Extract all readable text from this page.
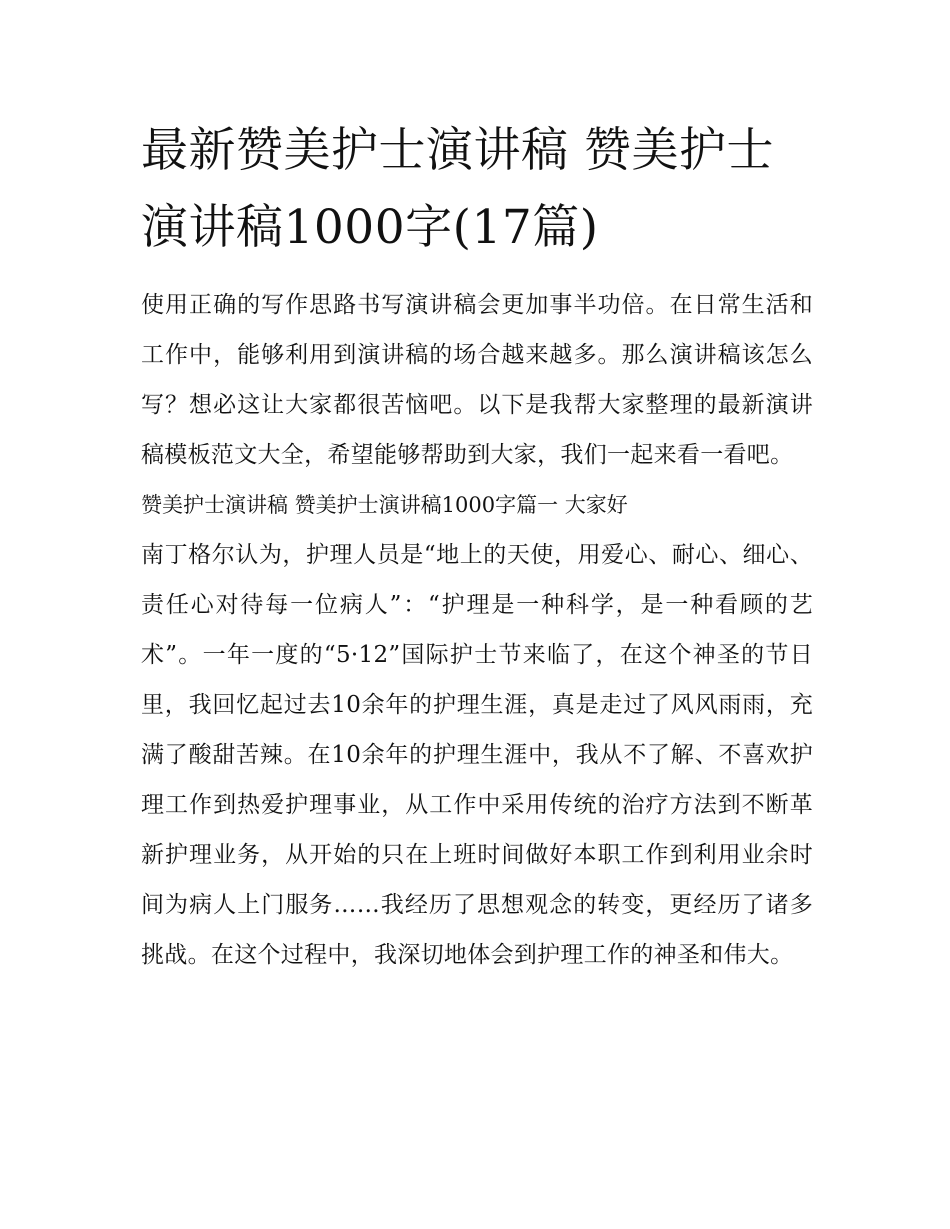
最新赞美护士演讲稿 赞美护士演讲稿1000字(17篇)

使用正确的写作思路书写演讲稿会更加事半功倍。在日常生活和工作中，能够利用到演讲稿的场合越来越多。那么演讲稿该怎么写？想必这让大家都很苦恼吧。以下是我帮大家整理的最新演讲稿模板范文大全，希望能够帮助到大家，我们一起来看一看吧。

赞美护士演讲稿 赞美护士演讲稿1000字篇一 大家好

南丁格尔认为，护理人员是“地上的天使，用爱心、耐心、细心、责任心对待每一位病人”：“护理是一种科学，是一种看顾的艺术”。一年一度的“5·12”国际护士节来临了，在这个神圣的节日里，我回忆起过去10余年的护理生涯，真是走过了风风雨雨，充满了酸甜苦辣。在10余年的护理生涯中，我从不了解、不喜欢护理工作到热爱护理事业，从工作中采用传统的治疗方法到不断革新护理业务，从开始的只在上班时间做好本职工作到利用业余时间为病人上门服务……我经历了思想观念的转变，更经历了诸多挑战。在这个过程中，我深切地体会到护理工作的神圣和伟大。
